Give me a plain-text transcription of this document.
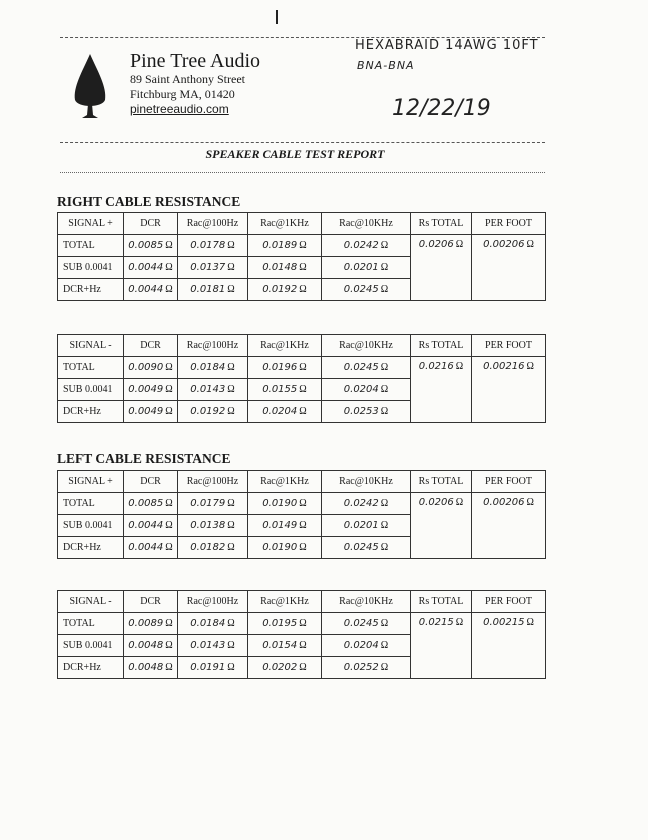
Pine Tree Audio
89 Saint Anthony Street
Fitchburg MA, 01420
pinetreeaudio.com
HEXABRAID 14AWG 10FT
BNA-BNA
12/22/19
SPEAKER CABLE TEST REPORT
RIGHT CABLE RESISTANCE
SIGNAL +	DCR	Rac@100Hz	Rac@1KHz	Rac@10KHz	Rs TOTAL	PER FOOT
TOTAL	0.0085 Ω	0.0178 Ω	0.0189 Ω	0.0242 Ω	0.0206 Ω	0.00206 Ω
SUB 0.0041	0.0044 Ω	0.0137 Ω	0.0148 Ω	0.0201 Ω		
DCR+Hz	0.0044 Ω	0.0181 Ω	0.0192 Ω	0.0245 Ω		
SIGNAL -	DCR	Rac@100Hz	Rac@1KHz	Rac@10KHz	Rs TOTAL	PER FOOT
TOTAL	0.0090 Ω	0.0184 Ω	0.0196 Ω	0.0245 Ω	0.0216 Ω	0.00216 Ω
SUB 0.0041	0.0049 Ω	0.0143 Ω	0.0155 Ω	0.0204 Ω		
DCR+Hz	0.0049 Ω	0.0192 Ω	0.0204 Ω	0.0253 Ω		
LEFT CABLE RESISTANCE
SIGNAL +	DCR	Rac@100Hz	Rac@1KHz	Rac@10KHz	Rs TOTAL	PER FOOT
TOTAL	0.0085 Ω	0.0179 Ω	0.0190 Ω	0.0242 Ω	0.0206 Ω	0.00206 Ω
SUB 0.0041	0.0044 Ω	0.0138 Ω	0.0149 Ω	0.0201 Ω		
DCR+Hz	0.0044 Ω	0.0182 Ω	0.0190 Ω	0.0245 Ω		
SIGNAL -	DCR	Rac@100Hz	Rac@1KHz	Rac@10KHz	Rs TOTAL	PER FOOT
TOTAL	0.0089 Ω	0.0184 Ω	0.0195 Ω	0.0245 Ω	0.0215 Ω	0.00215 Ω
SUB 0.0041	0.0048 Ω	0.0143 Ω	0.0154 Ω	0.0204 Ω		
DCR+Hz	0.0048 Ω	0.0191 Ω	0.0202 Ω	0.0252 Ω		
